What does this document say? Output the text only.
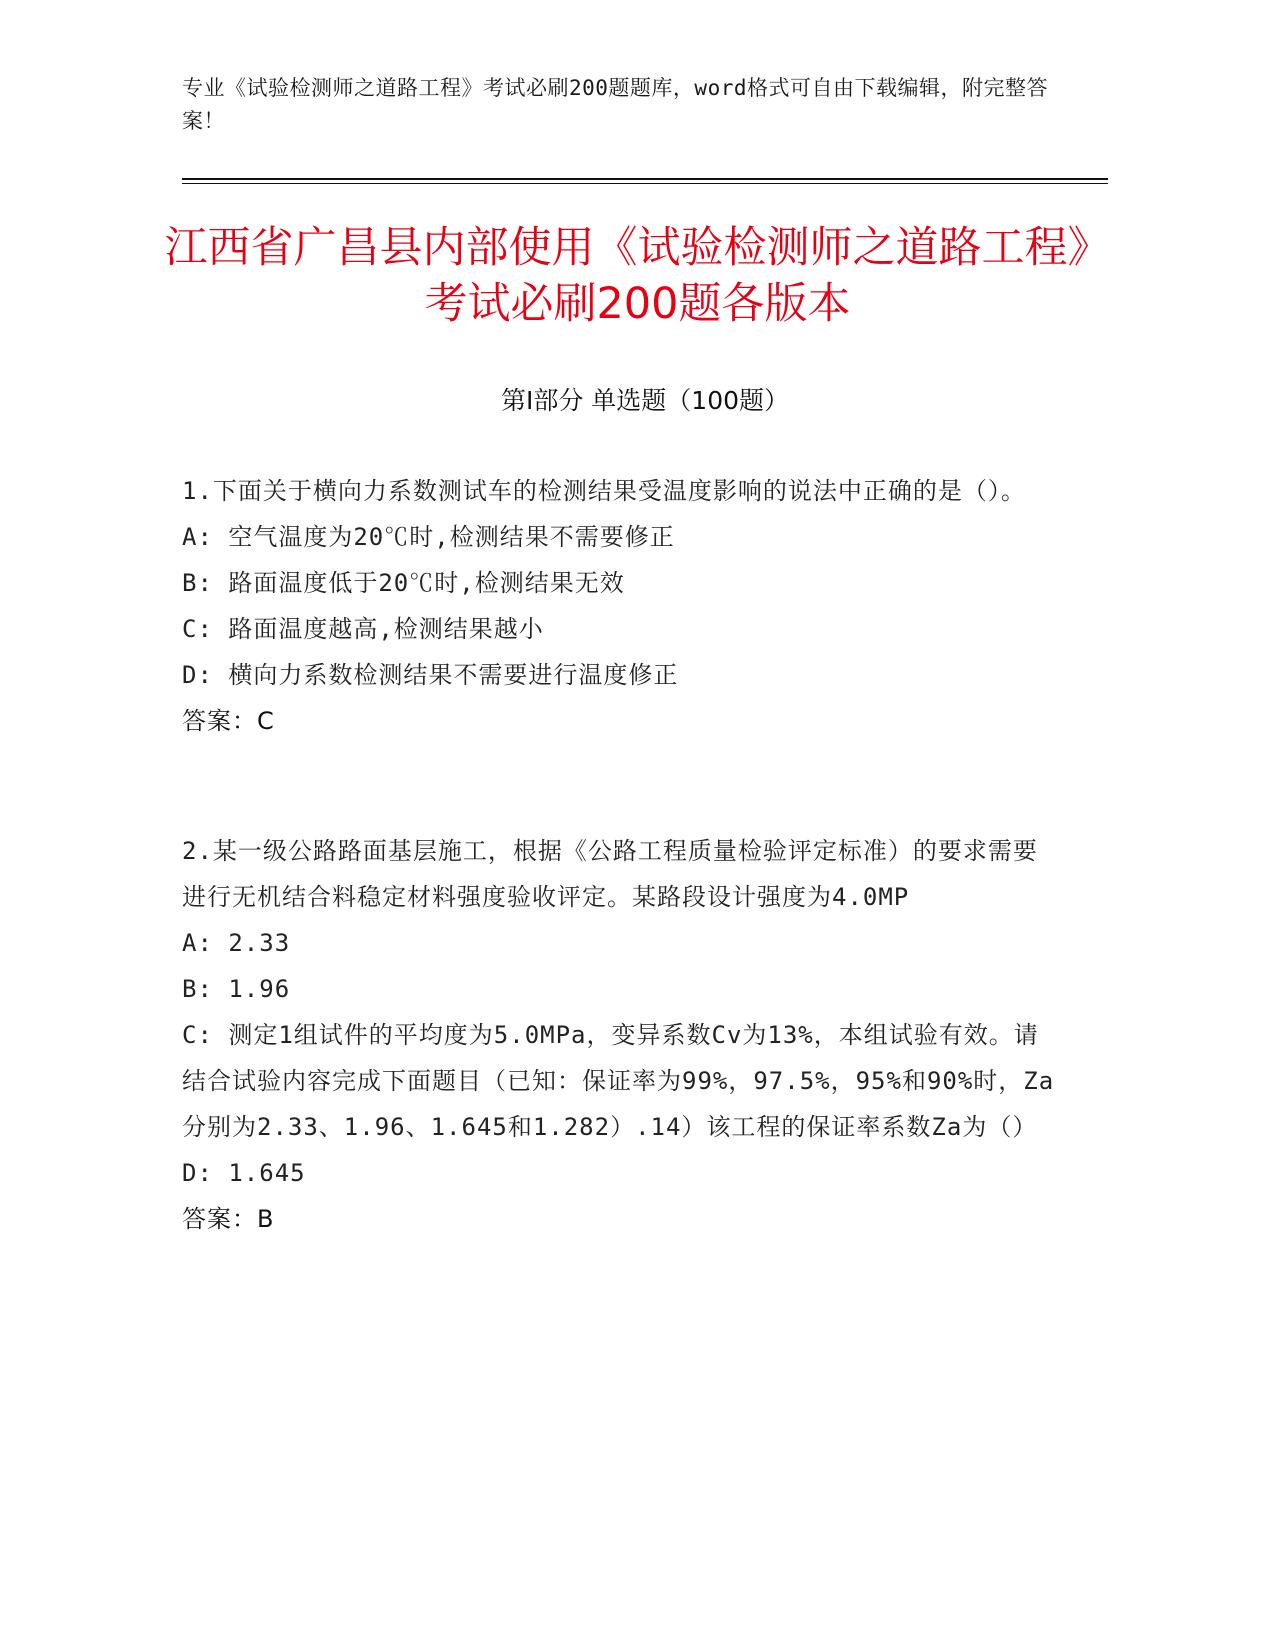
专业《试验检测师之道路工程》考试必刷200题题库，word格式可自由下载编辑，附完整答案！
江西省广昌县内部使用《试验检测师之道路工程》考试必刷200题各版本
第I部分 单选题（100题）
1.下面关于横向力系数测试车的检测结果受温度影响的说法中正确的是（）。
A: 空气温度为20℃时,检测结果不需要修正
B: 路面温度低于20℃时,检测结果无效
C: 路面温度越高,检测结果越小
D: 横向力系数检测结果不需要进行温度修正
答案：C
2.某一级公路路面基层施工，根据《公路工程质量检验评定标准）的要求需要进行无机结合料稳定材料强度验收评定。某路段设计强度为4.0MP
A: 2.33
B: 1.96
C: 测定1组试件的平均度为5.0MPa，变异系数Cv为13%，本组试验有效。请结合试验内容完成下面题目（已知：保证率为99%，97.5%，95%和90%时，Za分别为2.33、1.96、1.645和1.282）.14）该工程的保证率系数Za为（）
D: 1.645
答案：B
